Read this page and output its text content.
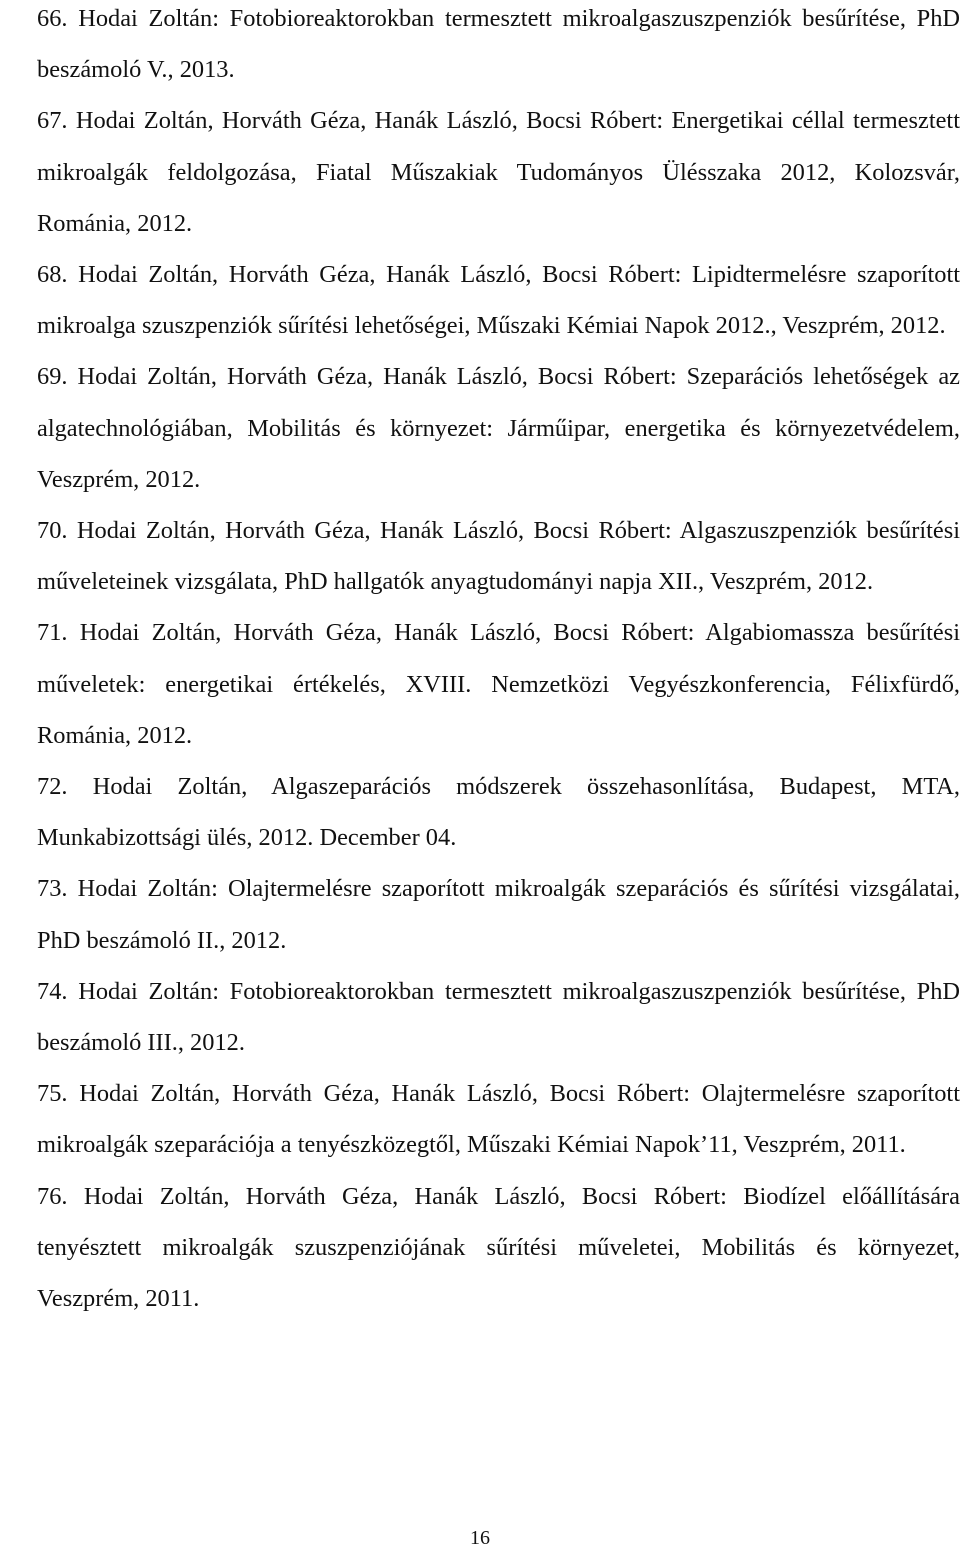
66. Hodai Zoltán: Fotobioreaktorokban termesztett mikroalgaszuszpenziók besűrítése, PhD beszámoló V., 2013.

67. Hodai Zoltán, Horváth Géza, Hanák László, Bocsi Róbert: Energetikai céllal termesztett mikroalgák feldolgozása, Fiatal Műszakiak Tudományos Ülésszaka 2012, Kolozsvár, Románia, 2012.

68. Hodai Zoltán, Horváth Géza, Hanák László, Bocsi Róbert: Lipidtermelésre szaporított mikroalga szuszpenziók sűrítési lehetőségei, Műszaki Kémiai Napok 2012., Veszprém, 2012.

69. Hodai Zoltán, Horváth Géza, Hanák László, Bocsi Róbert: Szeparációs lehetőségek az algatechnológiában, Mobilitás és környezet: Járműipar, energetika és környezetvédelem, Veszprém, 2012.

70. Hodai Zoltán, Horváth Géza, Hanák László, Bocsi Róbert: Algaszuszpenziók besűrítési műveleteinek vizsgálata, PhD hallgatók anyagtudományi napja XII., Veszprém, 2012.

71. Hodai Zoltán, Horváth Géza, Hanák László, Bocsi Róbert: Algabiomassza besűrítési műveletek: energetikai értékelés, XVIII. Nemzetközi Vegyészkonferencia, Félixfürdő, Románia, 2012.

72. Hodai Zoltán, Algaszeparációs módszerek összehasonlítása, Budapest, MTA, Munkabizottsági ülés, 2012. December 04.

73. Hodai Zoltán: Olajtermelésre szaporított mikroalgák szeparációs és sűrítési vizsgálatai, PhD beszámoló II., 2012.

74. Hodai Zoltán: Fotobioreaktorokban termesztett mikroalgaszuszpenziók besűrítése, PhD beszámoló III., 2012.

75. Hodai Zoltán, Horváth Géza, Hanák László, Bocsi Róbert: Olajtermelésre szaporított mikroalgák szeparációja a tenyészközegtől, Műszaki Kémiai Napok’11, Veszprém, 2011.

76. Hodai Zoltán, Horváth Géza, Hanák László, Bocsi Róbert: Biodízel előállítására tenyésztett mikroalgák szuszpenziójának sűrítési műveletei, Mobilitás és környezet, Veszprém, 2011.

16
